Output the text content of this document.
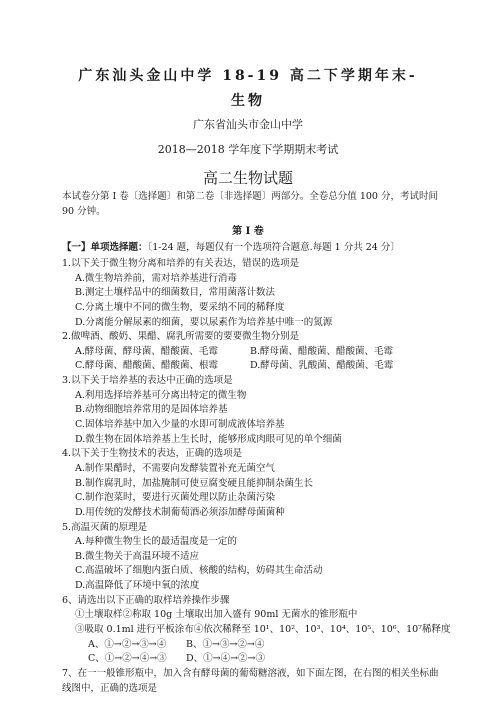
广东汕头金山中学 18-19 高二下学期年末-
生物
广东省汕头市金山中学
2018—2018 学年度下学期期末考试
高二生物试题
本试卷分第 I 卷〔选择题〕和第二卷〔非选择题〕两部分。全卷总分值 100 分，考试时间
90 分钟。
第 I 卷
【一】单项选择题：〔1-24 题，每题仅有一个选项符合题意.每题 1 分共 24 分〕
1.以下关于微生物分离和培养的有关表达，错误的选项是
A.微生物培养前，需对培养基进行消毒
B.测定土壤样品中的细菌数目，常用菌落计数法
C.分离土壤中不同的微生物，要采纳不同的稀释度
D.分离能分解尿素的细菌，要以尿素作为培养基中唯一的氮源
2.做啤酒、酸奶、果醋、腐乳所需要的要要微生物分别是
A.酵母菌、酵母菌、醋酸菌、毛霉	B.酵母菌、醋酸菌、醋酸菌、毛霉
C.酵母菌、醋酸菌、醋酸菌、根霉	D.酵母菌、乳酸菌、醋酸菌、毛霉
3.以下关于培养基的表达中正确的选项是
A.利用选择培养基可分离出特定的微生物
B.动物细胞培养常用的是固体培养基
C.固体培养基中加入少量的水即可制成液体培养基
D.微生物在固体培养基上生长时，能够形成肉眼可见的单个细菌
4.以下关于生物技术的表达，正确的选项是
A.制作果醋时，不需要向发酵装置补充无菌空气
B.制作腐乳时，加盐腌制可使豆腐变硬且能抑制杂菌生长
C.制作泡菜时，要进行灭菌处理以防止杂菌污染
D.用传统的发酵技术制葡萄酒必须添加酵母菌菌种
5.高温灭菌的原理是
A.每种微生物生长的最适温度是一定的
B.微生物关于高温环境不适应
C.高温破坏了细胞内蛋白质、核酸的结构，妨碍其生命活动
D.高温降低了环境中氧的浓度
6、请选出以下正确的取样培养操作步骤
①土壤取样②称取 10g 土壤取出加入盛有 90ml 无菌水的锥形瓶中
③吸取 0.1ml 进行平板涂布④依次稀释至 10¹、10²、10³、10⁴、10⁵、10⁶、10⁷稀释度
A、①→②→③→④ B、①→③→②→④
C、①→②→④→③ D、①→④→②→③
7、在一一般锥形瓶中，加入含有酵母菌的葡萄糖溶液，如下面左图，在右图的相关坐标曲
线图中，正确的选项是
